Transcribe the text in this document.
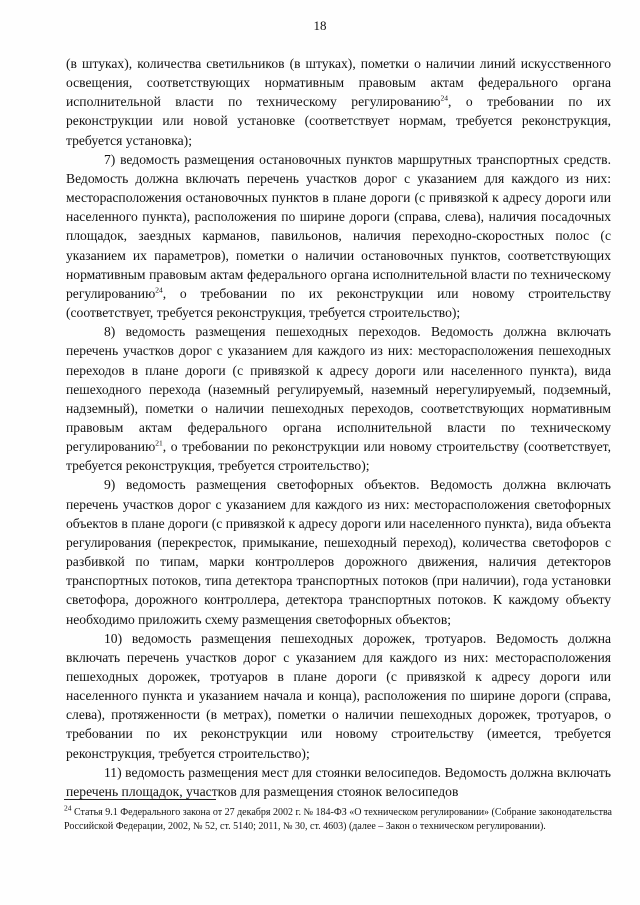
18

(в штуках), количества светильников (в штуках), пометки о наличии линий искусственного освещения, соответствующих нормативным правовым актам федерального органа исполнительной власти по техническому регулированию$^{24}$, о требовании по их реконструкции или новой установке (соответствует нормам, требуется реконструкция, требуется установка);

7) ведомость размещения остановочных пунктов маршрутных транспортных средств. Ведомость должна включать перечень участков дорог с указанием для каждого из них: месторасположения остановочных пунктов в плане дороги (с привязкой к адресу дороги или населенного пункта), расположения по ширине дороги (справа, слева), наличия посадочных площадок, заездных карманов, павильонов, наличия переходно-скоростных полос (с указанием их параметров), пометки о наличии остановочных пунктов, соответствующих нормативным правовым актам федерального органа исполнительной власти по техническому регулированию$^{24}$, о требовании по их реконструкции или новому строительству (соответствует, требуется реконструкция, требуется строительство);

8) ведомость размещения пешеходных переходов. Ведомость должна включать перечень участков дорог с указанием для каждого из них: месторасположения пешеходных переходов в плане дороги (с привязкой к адресу дороги или населенного пункта), вида пешеходного перехода (наземный регулируемый, наземный нерегулируемый, подземный, надземный), пометки о наличии пешеходных переходов, соответствующих нормативным правовым актам федерального органа исполнительной власти по техническому регулированию$^{21}$, о требовании по реконструкции или новому строительству (соответствует, требуется реконструкция, требуется строительство);

9) ведомость размещения светофорных объектов. Ведомость должна включать перечень участков дорог с указанием для каждого из них: месторасположения светофорных объектов в плане дороги (с привязкой к адресу дороги или населенного пункта), вида объекта регулирования (перекресток, примыкание, пешеходный переход), количества светофоров с разбивкой по типам, марки контроллеров дорожного движения, наличия детекторов транспортных потоков, типа детектора транспортных потоков (при наличии), года установки светофора, дорожного контроллера, детектора транспортных потоков. К каждому объекту необходимо приложить схему размещения светофорных объектов;

10) ведомость размещения пешеходных дорожек, тротуаров. Ведомость должна включать перечень участков дорог с указанием для каждого из них: месторасположения пешеходных дорожек, тротуаров в плане дороги (с привязкой к адресу дороги или населенного пункта и указанием начала и конца), расположения по ширине дороги (справа, слева), протяженности (в метрах), пометки о наличии пешеходных дорожек, тротуаров, о требовании по их реконструкции или новому строительству (имеется, требуется реконструкция, требуется строительство);

11) ведомость размещения мест для стоянки велосипедов. Ведомость должна включать перечень площадок, участков для размещения стоянок велосипедов

$^{24}$ Статья 9.1 Федерального закона от 27 декабря 2002 г. № 184-ФЗ «О техническом регулировании» (Собрание законодательства Российской Федерации, 2002, № 52, ст. 5140; 2011, № 30, ст. 4603) (далее – Закон о техническом регулировании).
